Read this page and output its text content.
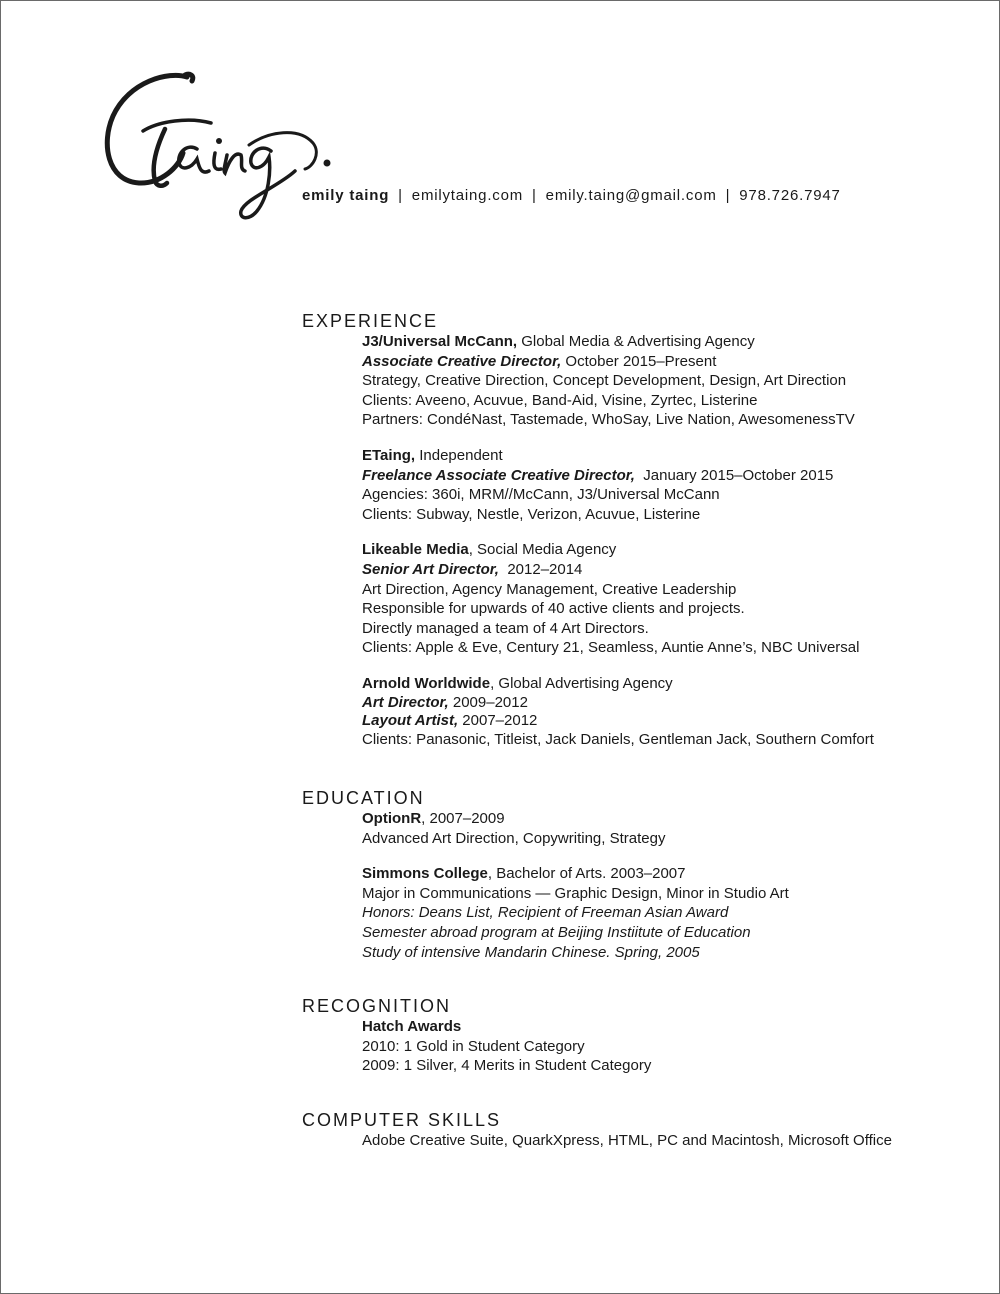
emily taing | emilytaing.com | emily.taing@gmail.com | 978.726.7947
EXPERIENCE
J3/Universal McCann, Global Media & Advertising Agency
Associate Creative Director, October 2015–Present
Strategy, Creative Direction, Concept Development, Design, Art Direction
Clients: Aveeno, Acuvue, Band-Aid, Visine, Zyrtec, Listerine
Partners: CondéNast, Tastemade, WhoSay, Live Nation, AwesomenessTV
ETaing, Independent
Freelance Associate Creative Director,  January 2015–October 2015
Agencies: 360i, MRM//McCann, J3/Universal McCann
Clients: Subway, Nestle, Verizon, Acuvue, Listerine
Likeable Media, Social Media Agency
Senior Art Director,  2012–2014
Art Direction, Agency Management, Creative Leadership
Responsible for upwards of 40 active clients and projects.
Directly managed a team of 4 Art Directors.
Clients: Apple & Eve, Century 21, Seamless, Auntie Anne’s, NBC Universal
Arnold Worldwide, Global Advertising Agency
Art Director, 2009–2012
Layout Artist, 2007–2012
Clients: Panasonic, Titleist, Jack Daniels, Gentleman Jack, Southern Comfort
EDUCATION
OptionR, 2007–2009
Advanced Art Direction, Copywriting, Strategy
Simmons College, Bachelor of Arts. 2003–2007
Major in Communications — Graphic Design, Minor in Studio Art
Honors: Deans List, Recipient of Freeman Asian Award
Semester abroad program at Beijing Instiitute of Education
Study of intensive Mandarin Chinese. Spring, 2005
RECOGNITION
Hatch Awards
2010: 1 Gold in Student Category
2009: 1 Silver, 4 Merits in Student Category
COMPUTER SKILLS
Adobe Creative Suite, QuarkXpress, HTML, PC and Macintosh, Microsoft Office
